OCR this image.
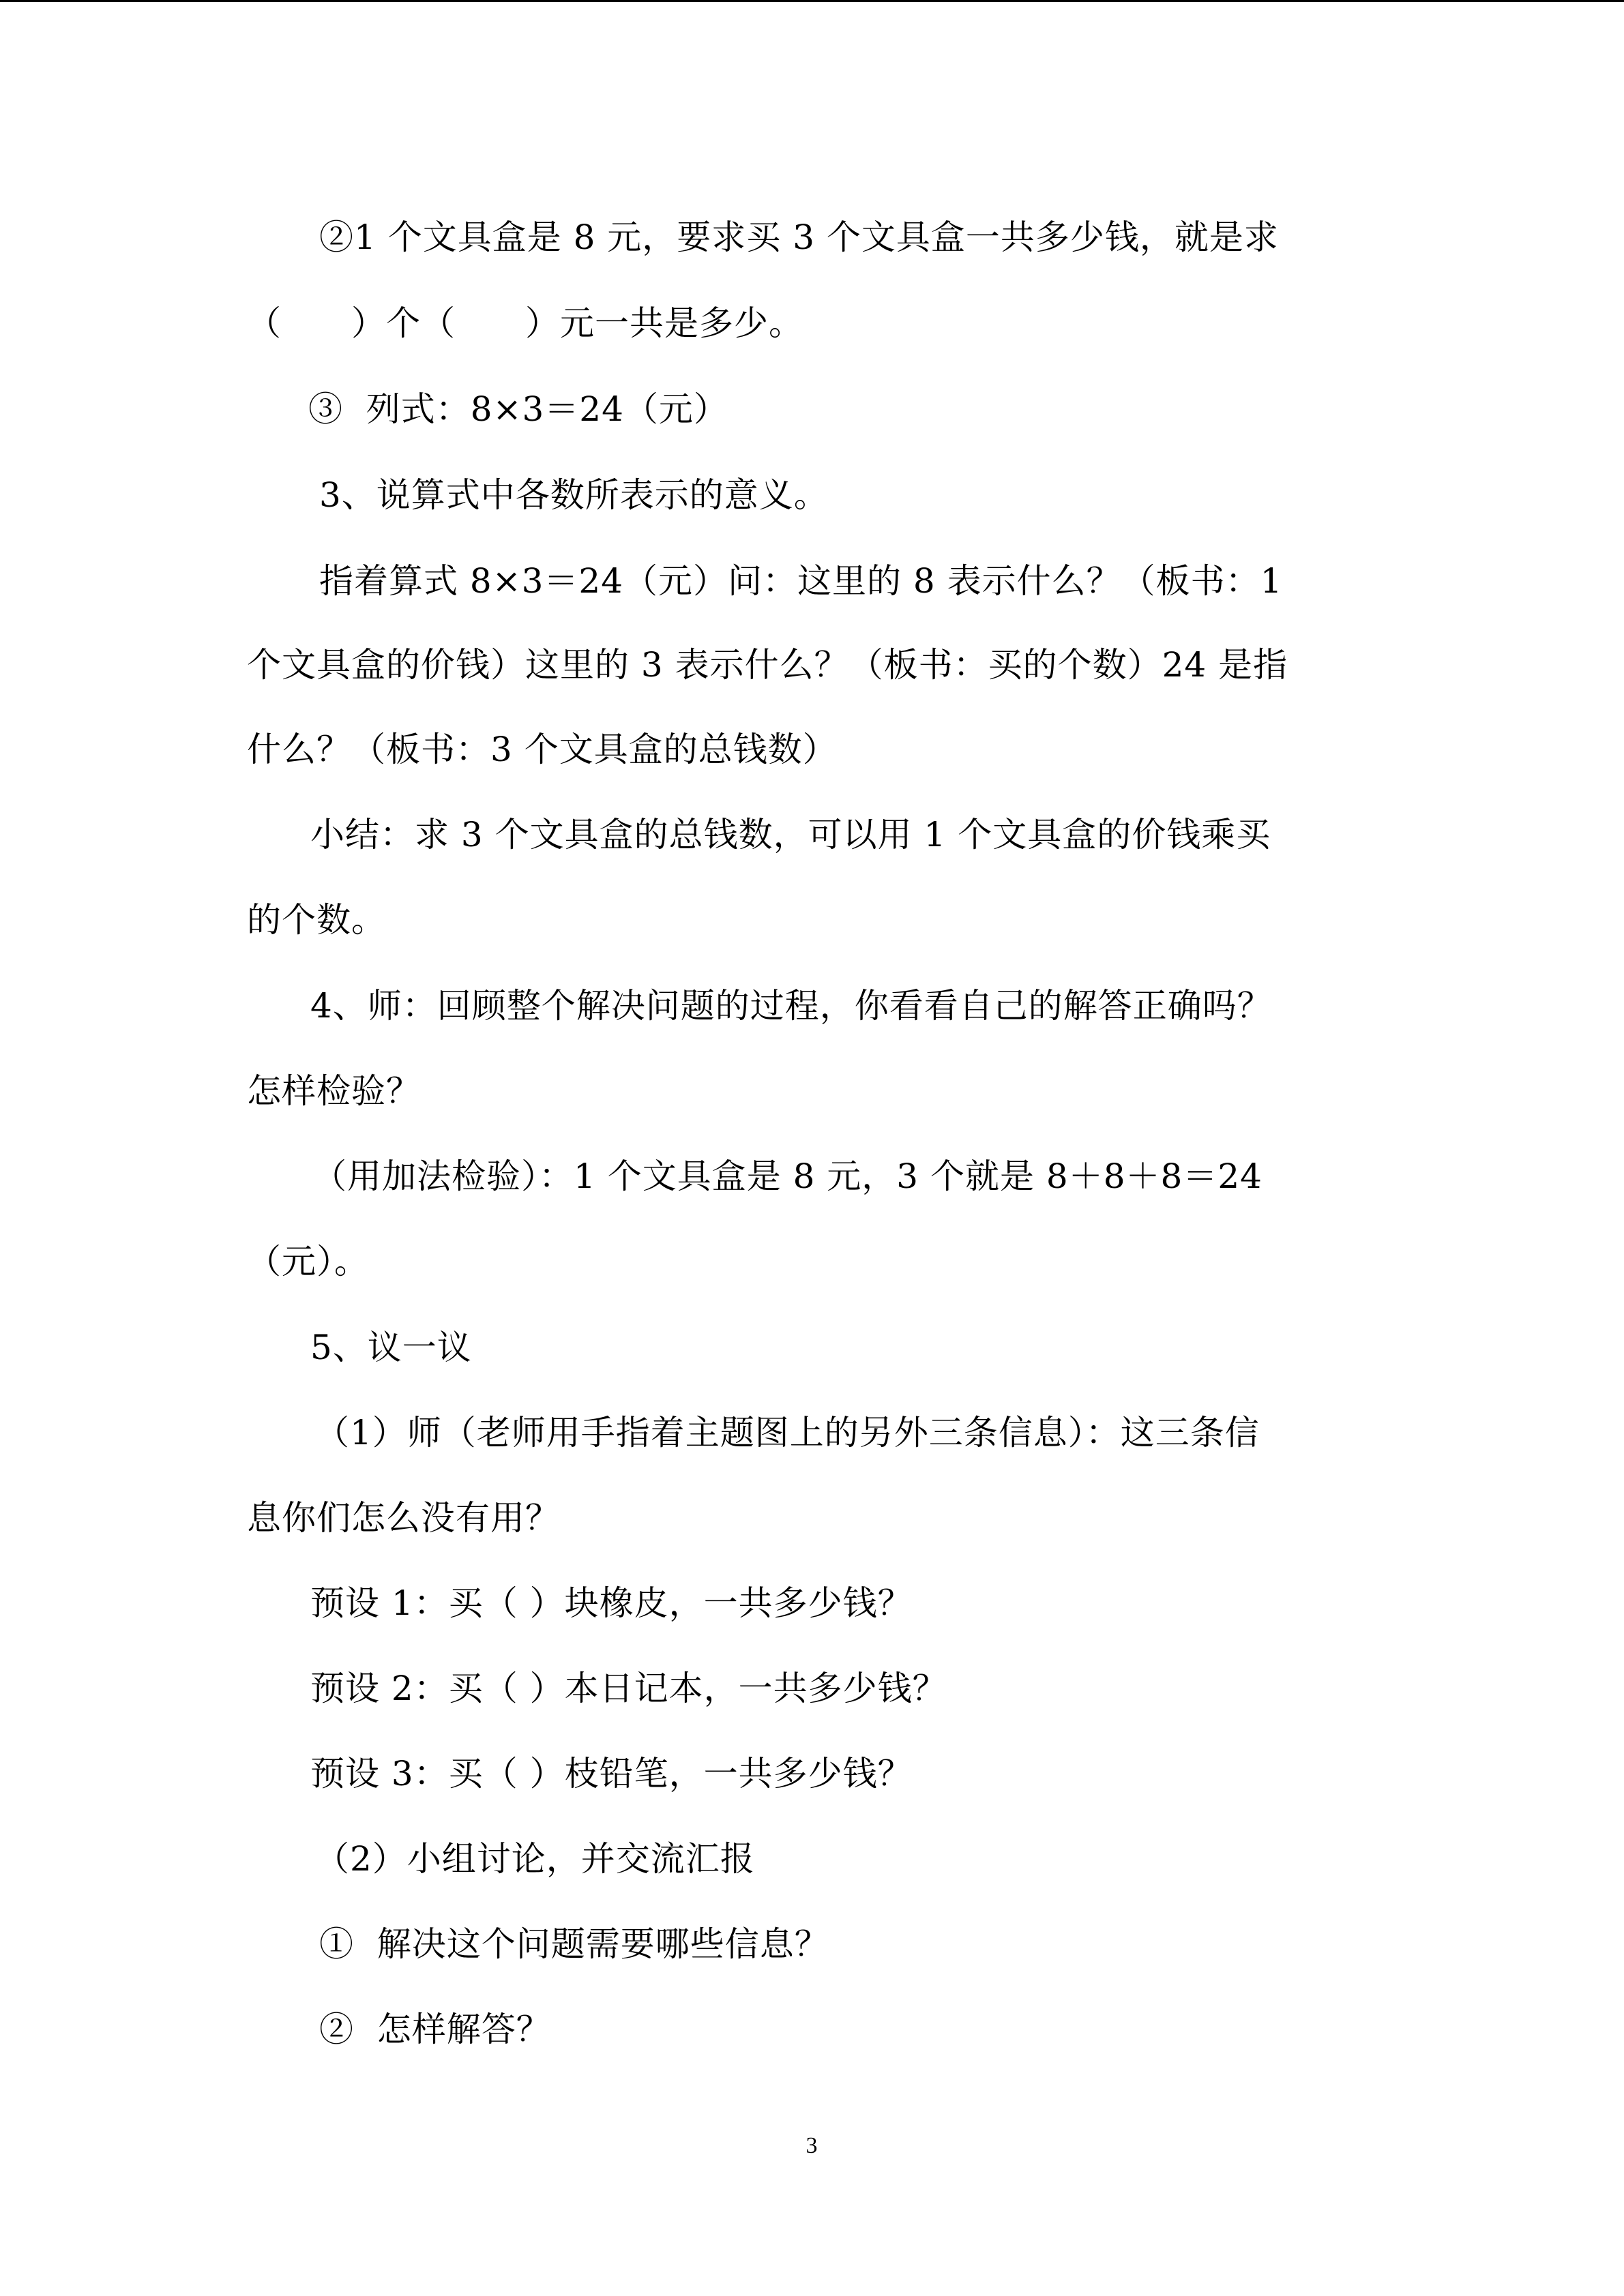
②1 个文具盒是 8 元，要求买 3 个文具盒一共多少钱，就是求
（　　）个（　　）元一共是多少。
③  列式：8×3＝24（元）
3、说算式中各数所表示的意义。
指着算式 8×3＝24（元）问：这里的 8 表示什么？（板书：1
个文具盒的价钱）这里的 3 表示什么？（板书：买的个数）24 是指
什么？（板书：3 个文具盒的总钱数）
小结：求 3 个文具盒的总钱数，可以用 1 个文具盒的价钱乘买
的个数。
4、师：回顾整个解决问题的过程，你看看自己的解答正确吗？
怎样检验？
（用加法检验）：1 个文具盒是 8 元，3 个就是 8＋8＋8＝24
（元）。
5、议一议
（1）师（老师用手指着主题图上的另外三条信息）：这三条信
息你们怎么没有用？
预设 1：买（ ）块橡皮，一共多少钱？
预设 2：买（ ）本日记本，一共多少钱？
预设 3：买（ ）枝铅笔，一共多少钱？
（2）小组讨论，并交流汇报
①  解决这个问题需要哪些信息？
②  怎样解答？
3
